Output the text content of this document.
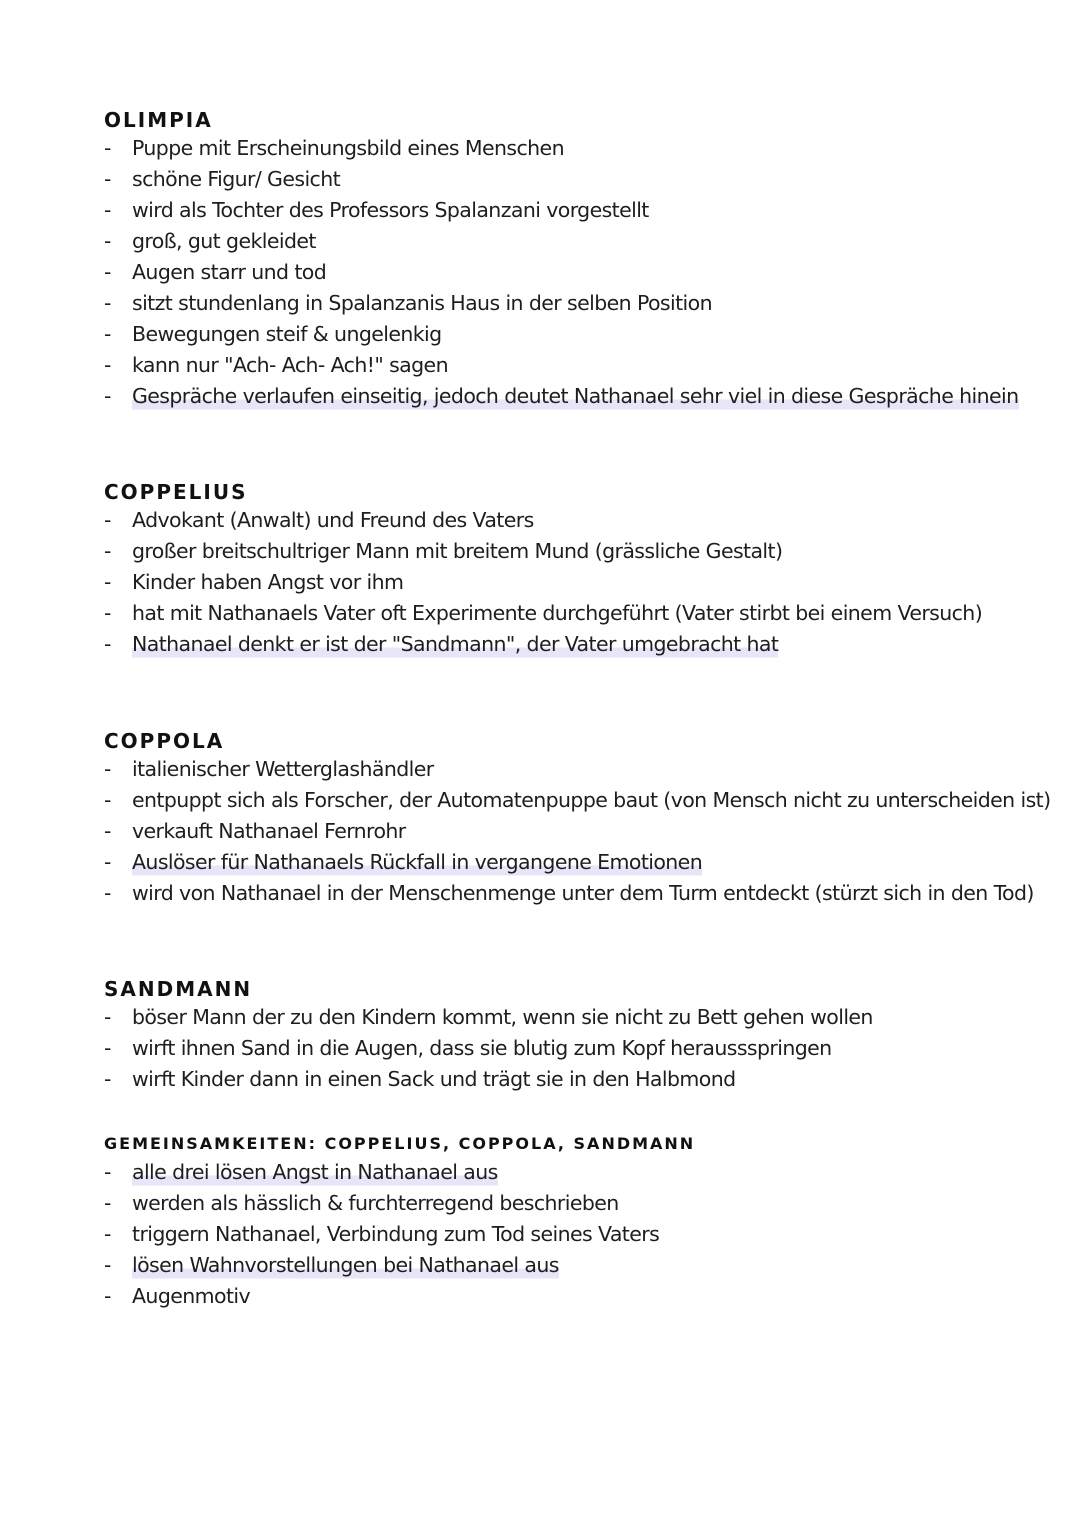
OLIMPIA
-	Puppe mit Erscheinungsbild eines Menschen
-	schöne Figur/ Gesicht
-	wird als Tochter des Professors Spalanzani vorgestellt
-	groß, gut gekleidet
-	Augen starr und tod
-	sitzt stundenlang in Spalanzanis Haus in der selben Position
-	Bewegungen steif & ungelenkig
-	kann nur "Ach- Ach- Ach!" sagen
-	Gespräche verlaufen einseitig, jedoch deutet Nathanael sehr viel in diese Gespräche hinein
COPPELIUS
-	Advokant (Anwalt) und Freund des Vaters
-	großer breitschultriger Mann mit breitem Mund (grässliche Gestalt)
-	Kinder haben Angst vor ihm
-	hat mit Nathanaels Vater oft Experimente durchgeführt (Vater stirbt bei einem Versuch)
-	Nathanael denkt er ist der "Sandmann", der Vater umgebracht hat
COPPOLA
-	italienischer Wetterglashändler
-	entpuppt sich als Forscher, der Automatenpuppe baut (von Mensch nicht zu unterscheiden ist)
-	verkauft Nathanael Fernrohr
-	Auslöser für Nathanaels Rückfall in vergangene Emotionen
-	wird von Nathanael in der Menschenmenge unter dem Turm entdeckt (stürzt sich in den Tod)
SANDMANN
-	böser Mann der zu den Kindern kommt, wenn sie nicht zu Bett gehen wollen
-	wirft ihnen Sand in die Augen, dass sie blutig zum Kopf heraussspringen
-	wirft Kinder dann in einen Sack und trägt sie in den Halbmond
GEMEINSAMKEITEN: COPPELIUS, COPPOLA, SANDMANN
-	alle drei lösen Angst in Nathanael aus
-	werden als hässlich & furchterregend beschrieben
-	triggern Nathanael, Verbindung zum Tod seines Vaters
-	lösen Wahnvorstellungen bei Nathanael aus
-	Augenmotiv
